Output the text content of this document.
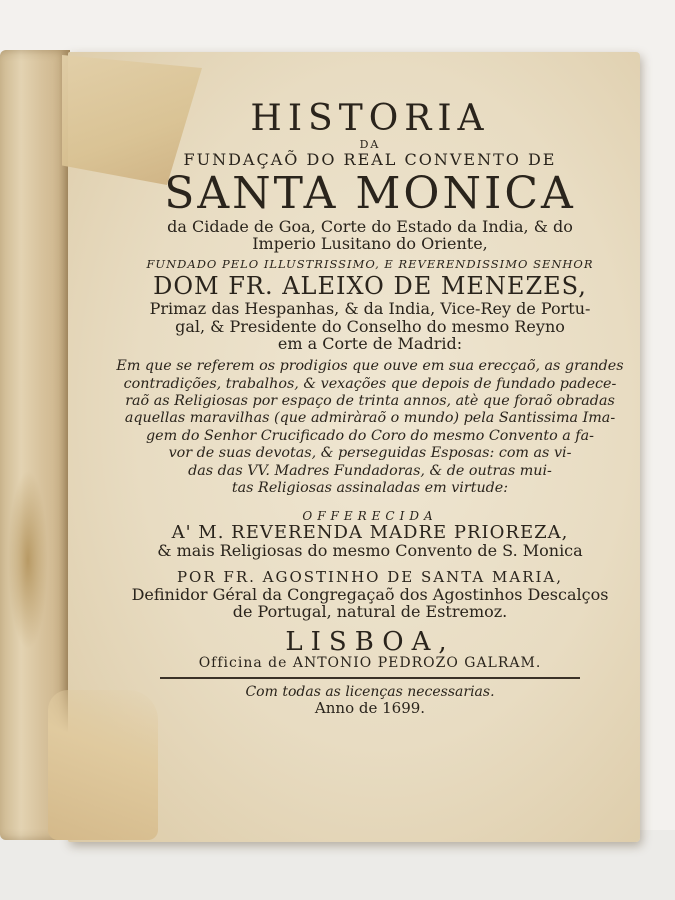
HISTORIA
DA
FUNDAÇAÕ DO REAL CONVENTO DE
SANTA MONICA
da Cidade de Goa, Corte do Estado da India, & do
Imperio Lusitano do Oriente,
FUNDADO PELO ILLUSTRISSIMO, E REVERENDISSIMO SENHOR
DOM FR. ALEIXO DE MENEZES,
Primaz das Hespanhas, & da India, Vice-Rey de Portu-
gal, & Presidente do Conselho do mesmo Reyno
em a Corte de Madrid:
Em que se referem os prodigios que ouve em sua erecçaõ, as grandes
contradições, trabalhos, & vexações que depois de fundado padece-
raõ as Religiosas por espaço de trinta annos, atè que foraõ obradas
aquellas maravilhas (que admiràraõ o mundo) pela Santissima Ima-
gem do Senhor Crucificado do Coro do mesmo Convento a fa-
vor de suas devotas, & perseguidas Esposas: com as vi-
das das VV. Madres Fundadoras, & de outras mui-
tas Religiosas assinaladas em virtude:
OFFERECIDA
A' M. REVERENDA MADRE PRIOREZA,
& mais Religiosas do mesmo Convento de S. Monica
POR FR. AGOSTINHO DE SANTA MARIA,
Definidor Géral da Congregaçaõ dos Agostinhos Descalços
de Portugal, natural de Estremoz.
LISBOA,
Officina de ANTONIO PEDROZO GALRAM.
Com todas as licenças necessarias.
Anno de 1699.
